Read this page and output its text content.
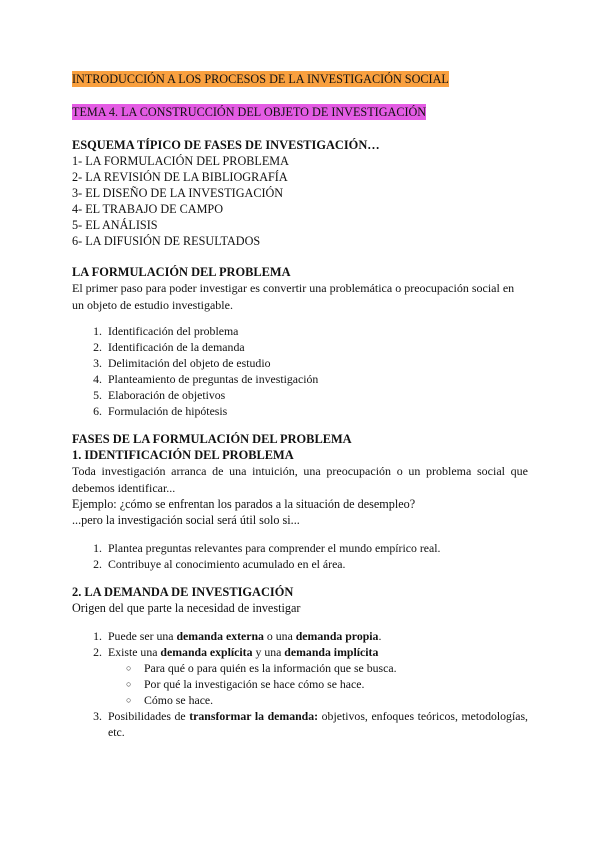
INTRODUCCIÓN A LOS PROCESOS DE LA INVESTIGACIÓN SOCIAL
TEMA 4. LA CONSTRUCCIÓN DEL OBJETO DE INVESTIGACIÓN
ESQUEMA TÍPICO DE FASES DE INVESTIGACIÓN…
1- LA FORMULACIÓN DEL PROBLEMA
2- LA REVISIÓN DE LA BIBLIOGRAFÍA
3- EL DISEÑO DE LA INVESTIGACIÓN
4- EL TRABAJO DE CAMPO
5- EL ANÁLISIS
6- LA DIFUSIÓN DE RESULTADOS
LA FORMULACIÓN DEL PROBLEMA
El primer paso para poder investigar es convertir una problemática o preocupación social en un objeto de estudio investigable.
1. Identificación del problema
2. Identificación de la demanda
3. Delimitación del objeto de estudio
4. Planteamiento de preguntas de investigación
5. Elaboración de objetivos
6. Formulación de hipótesis
FASES DE LA FORMULACIÓN DEL PROBLEMA
1. IDENTIFICACIÓN DEL PROBLEMA
Toda investigación arranca de una intuición, una preocupación o un problema social que debemos identificar...
Ejemplo: ¿cómo se enfrentan los parados a la situación de desempleo?
...pero la investigación social será útil solo si...
1. Plantea preguntas relevantes para comprender el mundo empírico real.
2. Contribuye al conocimiento acumulado en el área.
2. LA DEMANDA DE INVESTIGACIÓN
Origen del que parte la necesidad de investigar
1. Puede ser una demanda externa o una demanda propia.
2. Existe una demanda explícita y una demanda implícita
○ Para qué o para quién es la información que se busca.
○ Por qué la investigación se hace cómo se hace.
○ Cómo se hace.
3. Posibilidades de transformar la demanda: objetivos, enfoques teóricos, metodologías, etc.
